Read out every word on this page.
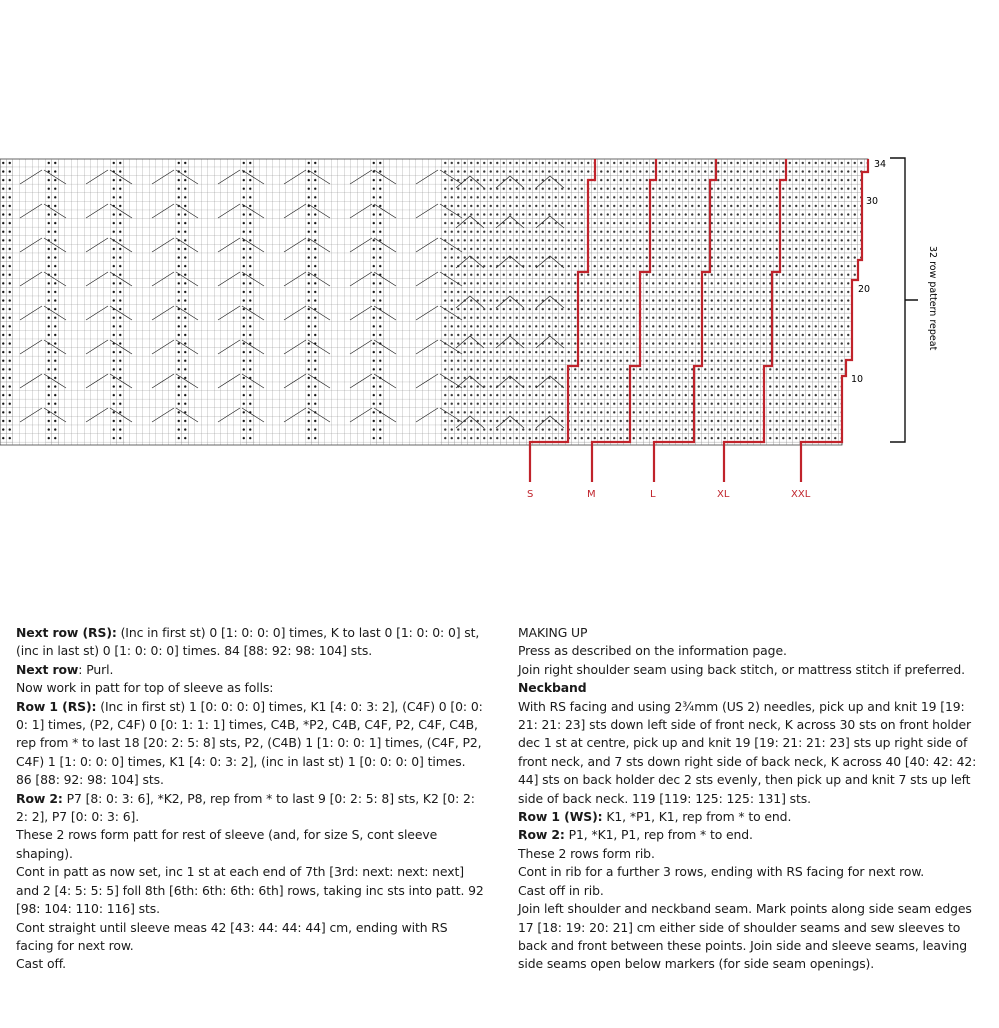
34
30
20
10
32 row pattern repeat
S	M	L	XL	XXL

Next row (RS): (Inc in first st) 0 [1: 0: 0: 0] times, K to last 0 [1: 0: 0: 0] st, (inc in last st) 0 [1: 0: 0: 0] times. 84 [88: 92: 98: 104] sts.

Next row: Purl.

Now work in patt for top of sleeve as folls:

Row 1 (RS): (Inc in first st) 1 [0: 0: 0: 0] times, K1 [4: 0: 3: 2], (C4F) 0 [0: 0: 0: 1] times, (P2, C4F) 0 [0: 1: 1: 1] times, C4B, *P2, C4B, C4F, P2, C4F, C4B, rep from * to last 18 [20: 2: 5: 8] sts, P2, (C4B) 1 [1: 0: 0: 1] times, (C4F, P2, C4F) 1 [1: 0: 0: 0] times, K1 [4: 0: 3: 2], (inc in last st) 1 [0: 0: 0: 0] times.

86 [88: 92: 98: 104] sts.

Row 2: P7 [8: 0: 3: 6], *K2, P8, rep from * to last 9 [0: 2: 5: 8] sts, K2 [0: 2: 2: 2], P7 [0: 0: 3: 6].

These 2 rows form patt for rest of sleeve (and, for size S, cont sleeve shaping).

Cont in patt as now set, inc 1 st at each end of 7th [3rd: next: next: next] and 2 [4: 5: 5: 5] foll 8th [6th: 6th: 6th: 6th] rows, taking inc sts into patt. 92 [98: 104: 110: 116] sts.

Cont straight until sleeve meas 42 [43: 44: 44: 44] cm, ending with RS facing for next row.

Cast off.

MAKING UP

Press as described on the information page.

Join right shoulder seam using back stitch, or mattress stitch if preferred.

Neckband

With RS facing and using 2¾mm (US 2) needles, pick up and knit 19 [19: 21: 21: 23] sts down left side of front neck, K across 30 sts on front holder dec 1 st at centre, pick up and knit 19 [19: 21: 21: 23] sts up right side of front neck, and 7 sts down right side of back neck, K across 40 [40: 42: 42: 44] sts on back holder dec 2 sts evenly, then pick up and knit 7 sts up left side of back neck. 119 [119: 125: 125: 131] sts.

Row 1 (WS): K1, *P1, K1, rep from * to end.

Row 2: P1, *K1, P1, rep from * to end.

These 2 rows form rib.

Cont in rib for a further 3 rows, ending with RS facing for next row.

Cast off in rib.

Join left shoulder and neckband seam. Mark points along side seam edges 17 [18: 19: 20: 21] cm either side of shoulder seams and sew sleeves to back and front between these points. Join side and sleeve seams, leaving side seams open below markers (for side seam openings).
